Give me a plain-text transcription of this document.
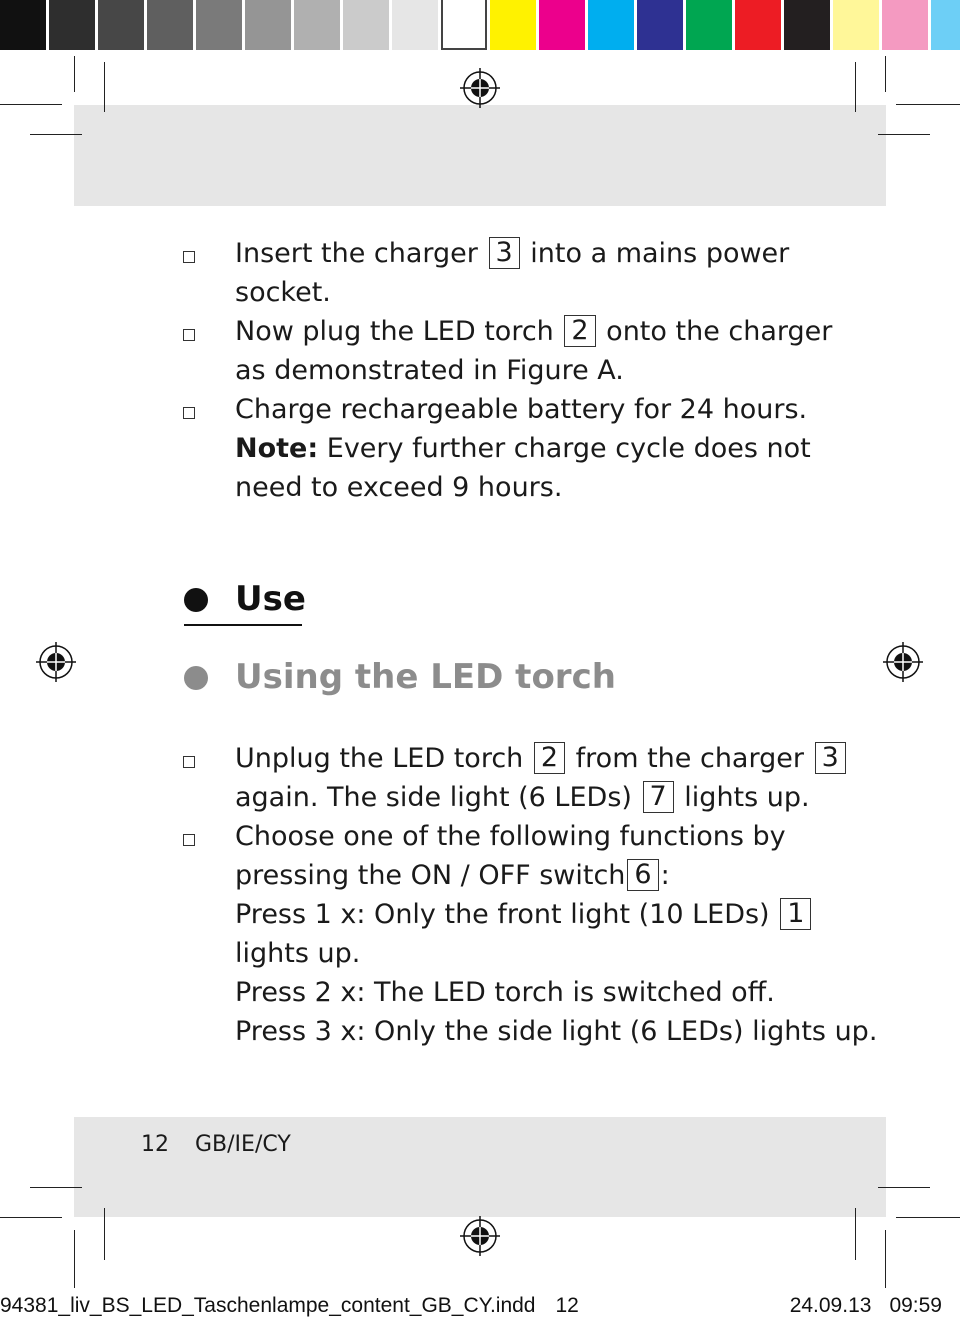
Insert the charger 3 into a mains power
socket.
Now plug the LED torch 2 onto the charger
as demonstrated in Figure A.
Charge rechargeable battery for 24 hours.
Note: Every further charge cycle does not
need to exceed 9 hours.
Use
Using the LED torch
Unplug the LED torch 2 from the charger 3
again. The side light (6 LEDs) 7 lights up.
Choose one of the following functions by
pressing the ON / OFF switch 6 :
Press 1 x: Only the front light (10 LEDs) 1
lights up.
Press 2 x: The LED torch is switched off.
Press 3 x: Only the side light (6 LEDs) lights up.
12 GB/IE/CY
94381_liv_BS_LED_Taschenlampe_content_GB_CY.indd 12	24.09.13 09:59
